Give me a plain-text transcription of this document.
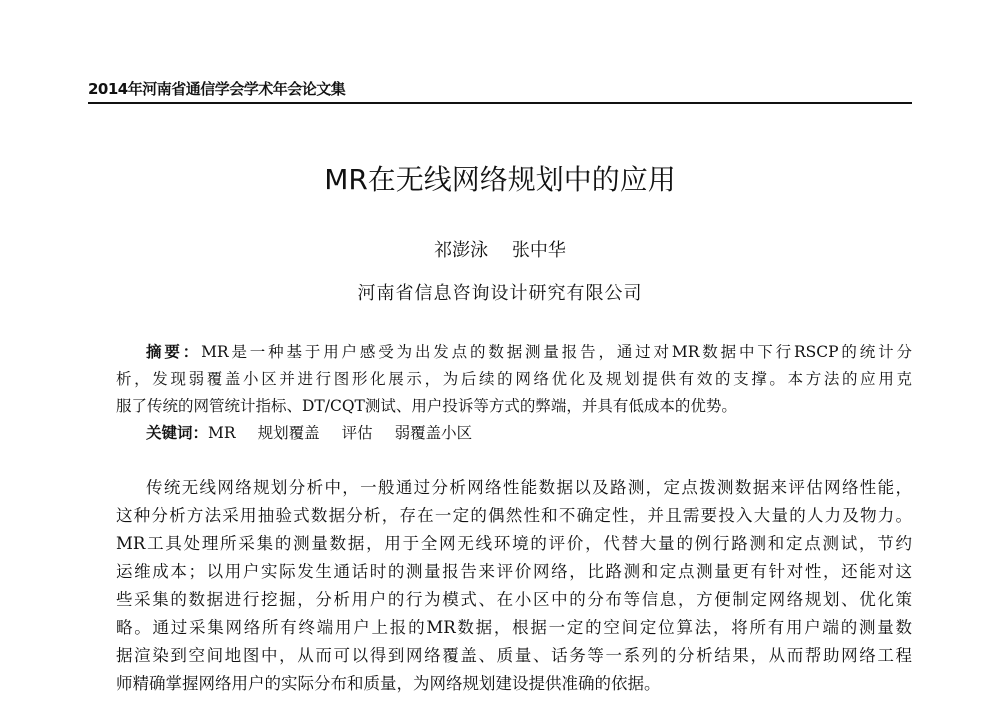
2014年河南省通信学会学术年会论文集
MR在无线网络规划中的应用
祁澎泳 张中华
河南省信息咨询设计研究有限公司
摘要：MR是一种基于用户感受为出发点的数据测量报告，通过对MR数据中下行RSCP的统计分
析，发现弱覆盖小区并进行图形化展示，为后续的网络优化及规划提供有效的支撑。本方法的应用克
服了传统的网管统计指标、DT/CQT测试、用户投诉等方式的弊端，并具有低成本的优势。
关键词：MR 规划覆盖 评估 弱覆盖小区
传统无线网络规划分析中，一般通过分析网络性能数据以及路测，定点拨测数据来评估网络性能，
这种分析方法采用抽验式数据分析，存在一定的偶然性和不确定性，并且需要投入大量的人力及物力。
MR工具处理所采集的测量数据，用于全网无线环境的评价，代替大量的例行路测和定点测试，节约
运维成本；以用户实际发生通话时的测量报告来评价网络，比路测和定点测量更有针对性，还能对这
些采集的数据进行挖掘，分析用户的行为模式、在小区中的分布等信息，方便制定网络规划、优化策
略。通过采集网络所有终端用户上报的MR数据，根据一定的空间定位算法，将所有用户端的测量数
据渲染到空间地图中，从而可以得到网络覆盖、质量、话务等一系列的分析结果，从而帮助网络工程
师精确掌握网络用户的实际分布和质量，为网络规划建设提供准确的依据。
